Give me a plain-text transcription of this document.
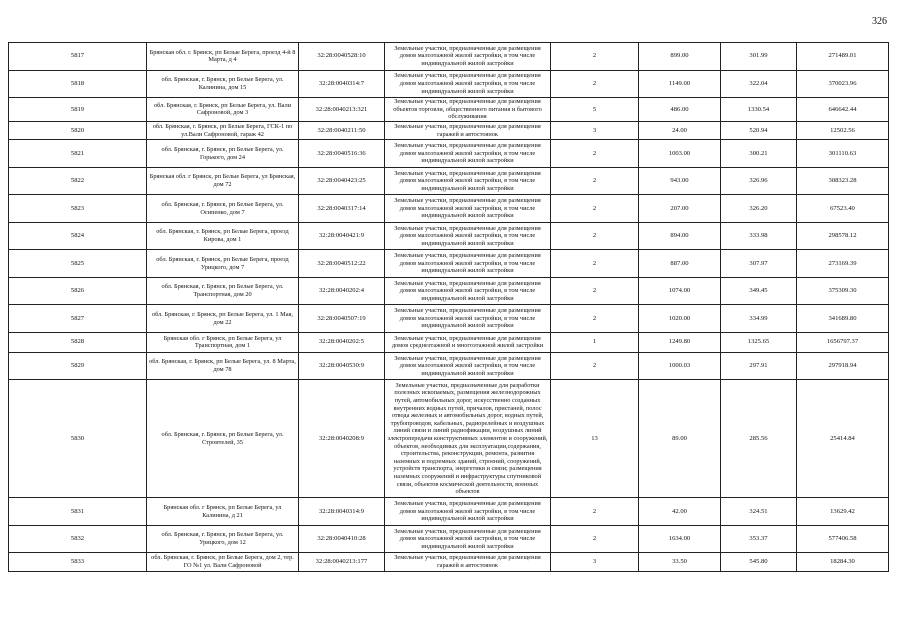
326
5817	Брянская обл. г. Брянск, рп Белые Берега, проезд 4-й 8 Марта, д 4	32:28:0040528:10	Земельные участки, предназначенные для размещения домов малоэтажной жилой застройки, в том числе индивидуальной жилой застройки	2	899.00	301.99	271489.01
5818	обл. Брянская, г. Брянск, рп Белые Берега, ул. Калинина, дом 15	32:28:0040314:7	Земельные участки, предназначенные для размещения домов малоэтажной жилой застройки, в том числе индивидуальной жилой застройки	2	1149.00	322.04	370023.96
5819	обл. Брянская, г. Брянск, рп Белые Берега, ул. Вали Сафроновой, дом 3	32:28:0040213:321	Земельные участки, предназначенные для размещения объектов торговли, общественного питания и бытового обслуживания	5	486.00	1330.54	646642.44
5820	обл. Брянская, г. Брянск, рп Белые Берега, ГСК-1 по ул.Вали Сафроновой, гараж 42	32:28:0040211:50	Земельные участки, предназначенные для размещения гаражей и автостоянок	3	24.00	520.94	12502.56
5821	обл. Брянская, г. Брянск, рп Белые Берега, ул. Горького, дом 24	32:28:0040516:36	Земельные участки, предназначенные для размещения домов малоэтажной жилой застройки, в том числе индивидуальной жилой застройки	2	1003.00	300.21	301110.63
5822	Брянская обл. г Брянск, рп Белые Берега, ул Брянская, дом 72	32:28:0040423:25	Земельные участки, предназначенные для размещения домов малоэтажной жилой застройки, в том числе индивидуальной жилой застройки	2	943.00	326.96	308323.28
5823	обл. Брянская, г. Брянск, рп Белые Берега, ул. Осипенко, дом 7	32:28:0040317:14	Земельные участки, предназначенные для размещения домов малоэтажной жилой застройки, в том числе индивидуальной жилой застройки	2	207.00	326.20	67523.40
5824	обл. Брянская, г. Брянск, рп Белые Берега, проезд Кирова, дом 1	32:28:0040421:9	Земельные участки, предназначенные для размещения домов малоэтажной жилой застройки, в том числе индивидуальной жилой застройки	2	894.00	333.98	298578.12
5825	обл. Брянская, г. Брянск, рп Белые Берега, проезд Урицкого, дом 7	32:28:0040512:22	Земельные участки, предназначенные для размещения домов малоэтажной жилой застройки, в том числе индивидуальной жилой застройки	2	887.00	307.97	273169.39
5826	обл. Брянская, г. Брянск, рп Белые Берега, ул. Транспортная, дом 20	32:28:0040202:4	Земельные участки, предназначенные для размещения домов малоэтажной жилой застройки, в том числе индивидуальной жилой застройки	2	1074.00	349.45	375309.30
5827	обл. Брянская, г. Брянск, рп Белые Берега, ул. 1 Мая, дом 22	32:28:0040507:19	Земельные участки, предназначенные для размещения домов малоэтажной жилой застройки, в том числе индивидуальной жилой застройки	2	1020.00	334.99	341689.80
5828	Брянская обл. г Брянск, рп Белые Берега, ул Транспортная, дом 1	32:28:0040202:5	Земельные участки, предназначенные для размещения домов среднеэтажной и многоэтажной жилой застройки	1	1249.80	1325.65	1656797.37
5829	обл. Брянская, г. Брянск, рп Белые Берега, ул. 8 Марта, дом 78	32:28:0040530:9	Земельные участки, предназначенные для размещения домов малоэтажной жилой застройки, в том числе индивидуальной жилой застройки	2	1000.03	297.91	297918.94
5830	обл. Брянская, г. Брянск, рп Белые Берега, ул. Строителей, 35	32:28:0040208:9	Земельные участки, предназначенные для разработки полезных ископаемых, размещения железнодорожных путей, автомобильных дорог, искусственно созданных внутренних водных путей, причалов, пристаней, полос отвода железных и автомобильных дорог, водных путей, трубопроводов, кабельных, радиорелейных и воздушных линий связи и линий радиофикации, воздушных линий электропередачи конструктивных элементов и сооружений, объектов, необходимых для эксплуатации,содержания, строительства, реконструкции, ремонта, развития наземных и подземных зданий, строений, сооружений, устройств транспорта, энергетики и связи; размещения наземных сооружений и инфраструктуры спутниковой связи, объектов космической деятельности, военных объектов	13	89.00	285.56	25414.84
5831	Брянская обл. г Брянск, рп Белые Берега, ул Калинина, д 21	32:28:0040314:9	Земельные участки, предназначенные для размещения домов малоэтажной жилой застройки, в том числе индивидуальной жилой застройки	2	42.00	324.51	13629.42
5832	обл. Брянская, г. Брянск, рп Белые Берега, ул. Урицкого, дом 12	32:28:0040410:28	Земельные участки, предназначенные для размещения домов малоэтажной жилой застройки, в том числе индивидуальной жилой застройки	2	1634.00	353.37	577406.58
5833	обл. Брянская, г. Брянск, рп Белые Берега, дом 2, тер. ГО №1 ул. Вали Сафроновой	32:28:0040213:177	Земельные участки, предназначенные для размещения гаражей и автостоянок	3	33.50	545.80	18284.30
